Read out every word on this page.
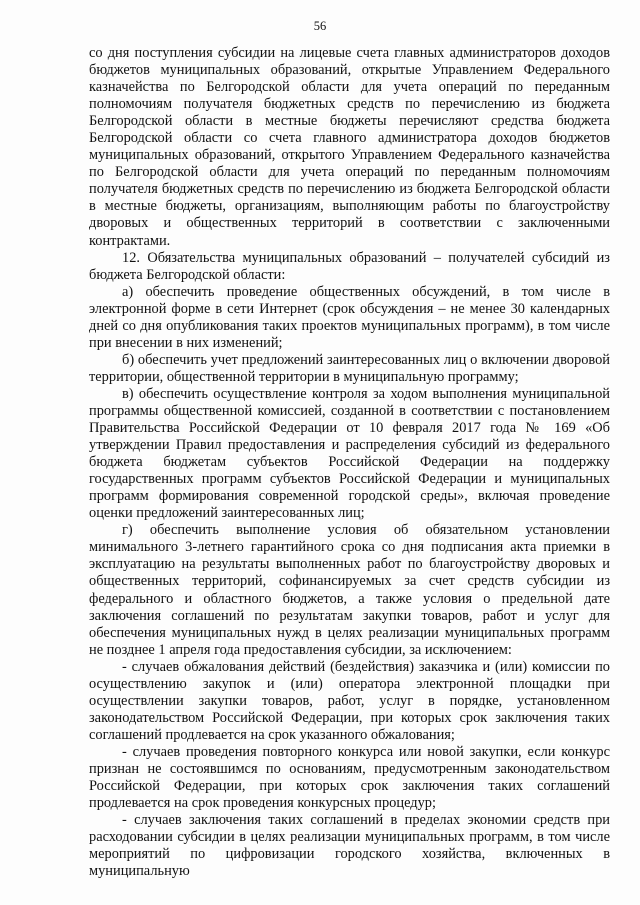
56

со дня поступления субсидии на лицевые счета главных администраторов доходов бюджетов муниципальных образований, открытые Управлением Федерального казначейства по Белгородской области для учета операций по переданным полномочиям получателя бюджетных средств по перечислению из бюджета Белгородской области в местные бюджеты перечисляют средства бюджета Белгородской области со счета главного администратора доходов бюджетов муниципальных образований, открытого Управлением Федерального казначейства по Белгородской области для учета операций по переданным полномочиям получателя бюджетных средств по перечислению из бюджета Белгородской области в местные бюджеты, организациям, выполняющим работы по благоустройству дворовых и общественных территорий в соответствии с заключенными контрактами.

12. Обязательства муниципальных образований – получателей субсидий из бюджета Белгородской области:

а) обеспечить проведение общественных обсуждений, в том числе в электронной форме в сети Интернет (срок обсуждения – не менее 30 календарных дней со дня опубликования таких проектов муниципальных программ), в том числе при внесении в них изменений;

б) обеспечить учет предложений заинтересованных лиц о включении дворовой территории, общественной территории в муниципальную программу;

в) обеспечить осуществление контроля за ходом выполнения муниципальной программы общественной комиссией, созданной в соответствии с постановлением Правительства Российской Федерации от 10 февраля 2017 года № 169 «Об утверждении Правил предоставления и распределения субсидий из федерального бюджета бюджетам субъектов Российской Федерации на поддержку государственных программ субъектов Российской Федерации и муниципальных программ формирования современной городской среды», включая проведение оценки предложений заинтересованных лиц;

г) обеспечить выполнение условия об обязательном установлении минимального 3-летнего гарантийного срока со дня подписания акта приемки в эксплуатацию на результаты выполненных работ по благоустройству дворовых и общественных территорий, софинансируемых за счет средств субсидии из федерального и областного бюджетов, а также условия о предельной дате заключения соглашений по результатам закупки товаров, работ и услуг для обеспечения муниципальных нужд в целях реализации муниципальных программ не позднее 1 апреля года предоставления субсидии, за исключением:

- случаев обжалования действий (бездействия) заказчика и (или) комиссии по осуществлению закупок и (или) оператора электронной площадки при осуществлении закупки товаров, работ, услуг в порядке, установленном законодательством Российской Федерации, при которых срок заключения таких соглашений продлевается на срок указанного обжалования;

- случаев проведения повторного конкурса или новой закупки, если конкурс признан не состоявшимся по основаниям, предусмотренным законодательством Российской Федерации, при которых срок заключения таких соглашений продлевается на срок проведения конкурсных процедур;

- случаев заключения таких соглашений в пределах экономии средств при расходовании субсидии в целях реализации муниципальных программ, в том числе мероприятий по цифровизации городского хозяйства, включенных в муниципальную
